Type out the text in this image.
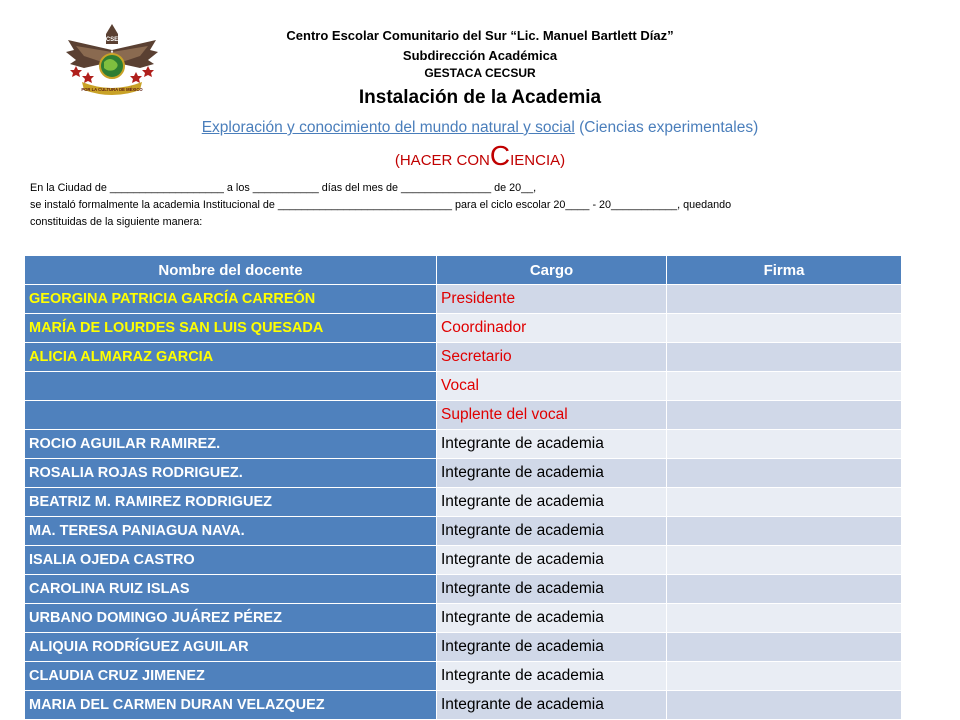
CSE
POR LA CULTURA DE MÉXICO
Centro Escolar Comunitario del Sur “Lic. Manuel Bartlett Díaz”
Subdirección Académica
GESTACA CECSUR
Instalación de la Academia
Exploración y conocimiento del mundo natural y social (Ciencias experimentales)
(HACER CONCIENCIA)
En la Ciudad de ___________________ a los ___________ días del mes de _______________ de 20__,
se instaló formalmente la academia Institucional de _____________________________ para el ciclo escolar 20____ - 20___________, quedando
constituidas de la siguiente manera:
Nombre del docente	Cargo	Firma
GEORGINA PATRICIA GARCÍA CARREÓN	Presidente	
MARÍA DE LOURDES SAN LUIS QUESADA	Coordinador	
ALICIA ALMARAZ GARCIA	Secretario	
	Vocal	
	Suplente del vocal	
ROCIO AGUILAR RAMIREZ.	Integrante de academia	
ROSALIA ROJAS RODRIGUEZ.	Integrante de academia	
BEATRIZ M. RAMIREZ RODRIGUEZ	Integrante de academia	
MA. TERESA PANIAGUA NAVA.	Integrante de academia	
ISALIA OJEDA CASTRO	Integrante de academia	
CAROLINA RUIZ ISLAS	Integrante de academia	
URBANO DOMINGO JUÁREZ PÉREZ	Integrante de academia	
ALIQUIA RODRÍGUEZ AGUILAR	Integrante de academia	
CLAUDIA CRUZ JIMENEZ	Integrante de academia	
MARIA DEL CARMEN DURAN VELAZQUEZ	Integrante de academia	
